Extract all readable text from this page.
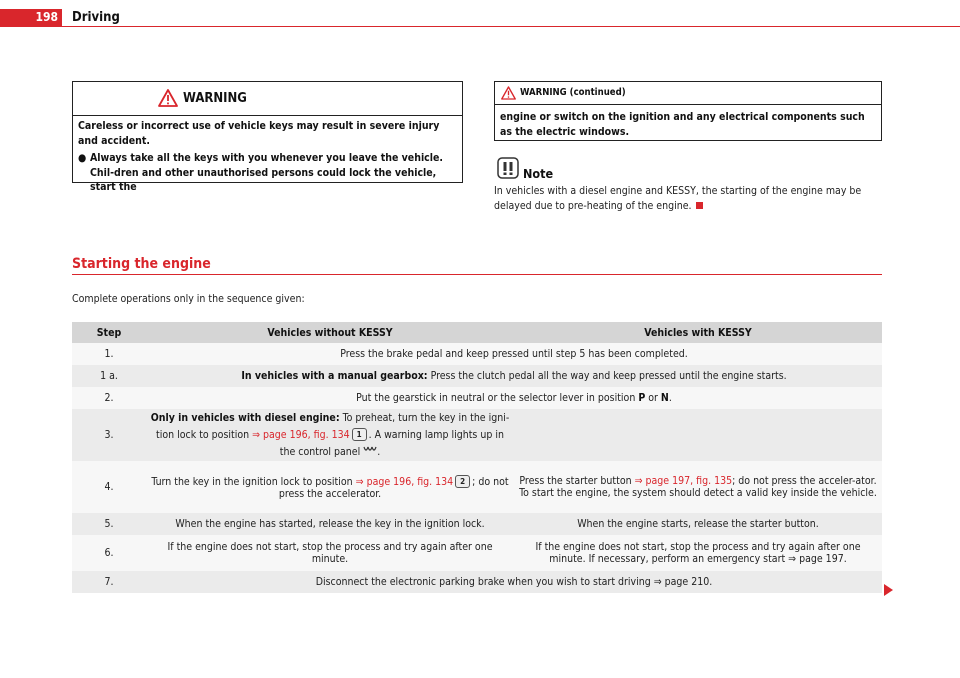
198	Driving
WARNING
Careless or incorrect use of vehicle keys may result in severe injury and accident.
● Always take all the keys with you whenever you leave the vehicle. Chil-dren and other unauthorised persons could lock the vehicle, start the
WARNING (continued)
engine or switch on the ignition and any electrical components such as the electric windows.
Note
In vehicles with a diesel engine and KESSY, the starting of the engine may be delayed due to pre-heating of the engine.
Starting the engine
Complete operations only in the sequence given:
Step	Vehicles without KESSY	Vehicles with KESSY
1.	Press the brake pedal and keep pressed until step 5 has been completed.	
1 a.	In vehicles with a manual gearbox: Press the clutch pedal all the way and keep pressed until the engine starts.	
2.	Put the gearstick in neutral or the selector lever in position P or N.	
3.	Only in vehicles with diesel engine: To preheat, turn the key in the igni-tion lock to position ⇒ page 196, fig. 134 1 . A warning lamp lights up in the control panel .	
4.	Turn the key in the ignition lock to position ⇒ page 196, fig. 134 2 ; do not press the accelerator.	Press the starter button ⇒ page 197, fig. 135; do not press the acceler-ator. To start the engine, the system should detect a valid key inside the vehicle.
5.	When the engine has started, release the key in the ignition lock.	When the engine starts, release the starter button.
6.	If the engine does not start, stop the process and try again after one minute.	If the engine does not start, stop the process and try again after one minute. If necessary, perform an emergency start ⇒ page 197.
7.	Disconnect the electronic parking brake when you wish to start driving ⇒ page 210.	
